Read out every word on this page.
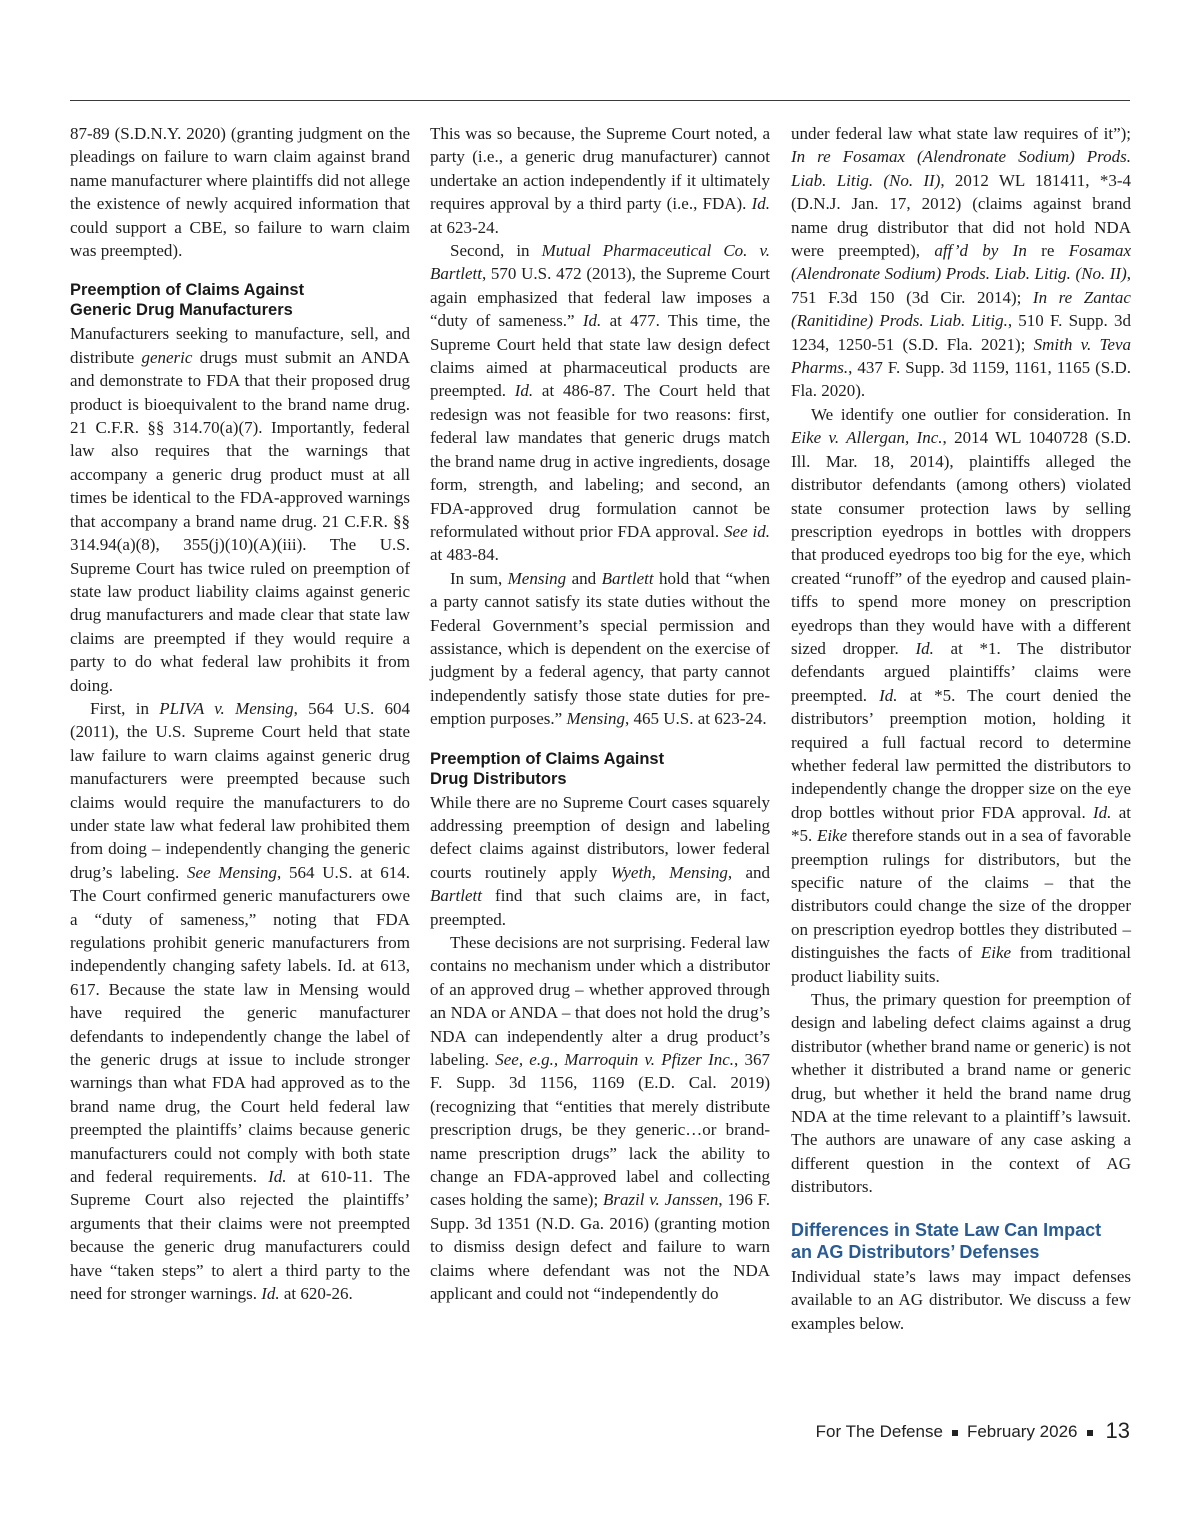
87-89 (S.D.N.Y. 2020) (granting judgment on the pleadings on failure to warn claim against brand name manufacturer where plaintiffs did not allege the existence of newly acquired information that could support a CBE, so failure to warn claim was preempted).

Preemption of Claims Against
Generic Drug Manufacturers

Manufacturers seeking to manufacture, sell, and distribute generic drugs must submit an ANDA and demonstrate to FDA that their proposed drug product is bioequivalent to the brand name drug. 21 C.F.R. §§ 314.70(a)(7). Importantly, federal law also requires that the warnings that accompany a generic drug product must at all times be identical to the FDA-approved warnings that accompany a brand name drug. 21 C.F.R. §§ 314.94(a)(8), 355(j)(10)(A)(iii). The U.S. Supreme Court has twice ruled on preemption of state law product liability claims against generic drug manufacturers and made clear that state law claims are preempted if they would require a party to do what federal law prohibits it from doing.

First, in PLIVA v. Mensing, 564 U.S. 604 (2011), the U.S. Supreme Court held that state law failure to warn claims against generic drug manufacturers were preempted because such claims would require the manufacturers to do under state law what federal law prohibited them from doing – independently changing the generic drug’s labeling. See Mensing, 564 U.S. at 614. The Court confirmed generic manufacturers owe a “duty of sameness,” noting that FDA regulations prohibit generic manufacturers from independently changing safety labels. Id. at 613, 617. Because the state law in Mensing would have required the generic manufacturer defendants to independently change the label of the generic drugs at issue to include stronger warnings than what FDA had approved as to the brand name drug, the Court held federal law preempted the plaintiffs’ claims because generic manufacturers could not comply with both state and federal requirements. Id. at 610-11. The Supreme Court also rejected the plaintiffs’ arguments that their claims were not preempted because the generic drug manufacturers could have “taken steps” to alert a third party to the need for stronger warnings. Id. at 620-26.

This was so because, the Supreme Court noted, a party (i.e., a generic drug manufacturer) cannot undertake an action independently if it ultimately requires approval by a third party (i.e., FDA). Id. at 623-24.

Second, in Mutual Pharmaceutical Co. v. Bartlett, 570 U.S. 472 (2013), the Supreme Court again emphasized that federal law imposes a “duty of sameness.” Id. at 477. This time, the Supreme Court held that state law design defect claims aimed at pharmaceutical products are preempted. Id. at 486-87. The Court held that redesign was not feasible for two reasons: first, federal law mandates that generic drugs match the brand name drug in active ingredients, dosage form, strength, and labeling; and second, an FDA-approved drug formulation cannot be reformulated without prior FDA approval. See id. at 483-84.

In sum, Mensing and Bartlett hold that “when a party cannot satisfy its state duties without the Federal Government’s special permission and assistance, which is dependent on the exercise of judgment by a federal agency, that party cannot independently satisfy those state duties for preemption purposes.” Mensing, 465 U.S. at 623-24.

Preemption of Claims Against
Drug Distributors

While there are no Supreme Court cases squarely addressing preemption of design and labeling defect claims against distributors, lower federal courts routinely apply Wyeth, Mensing, and Bartlett find that such claims are, in fact, preempted.

These decisions are not surprising. Federal law contains no mechanism under which a distributor of an approved drug – whether approved through an NDA or ANDA – that does not hold the drug’s NDA can independently alter a drug product’s labeling. See, e.g., Marroquin v. Pfizer Inc., 367 F. Supp. 3d 1156, 1169 (E.D. Cal. 2019) (recognizing that “entities that merely distribute prescription drugs, be they generic…or brand-name prescription drugs” lack the ability to change an FDA-approved label and collecting cases holding the same); Brazil v. Janssen, 196 F. Supp. 3d 1351 (N.D. Ga. 2016) (granting motion to dismiss design defect and failure to warn claims where defendant was not the NDA applicant and could not “independently do

under federal law what state law requires of it”); In re Fosamax (Alendronate Sodium) Prods. Liab. Litig. (No. II), 2012 WL 181411, *3-4 (D.N.J. Jan. 17, 2012) (claims against brand name drug distributor that did not hold NDA were preempted), aff’d by In re Fosamax (Alendronate Sodium) Prods. Liab. Litig. (No. II), 751 F.3d 150 (3d Cir. 2014); In re Zantac (Ranitidine) Prods. Liab. Litig., 510 F. Supp. 3d 1234, 1250-51 (S.D. Fla. 2021); Smith v. Teva Pharms., 437 F. Supp. 3d 1159, 1161, 1165 (S.D. Fla. 2020).

We identify one outlier for consideration. In Eike v. Allergan, Inc., 2014 WL 1040728 (S.D. Ill. Mar. 18, 2014), plaintiffs alleged the distributor defendants (among others) violated state consumer protection laws by selling prescription eyedrops in bottles with droppers that produced eyedrops too big for the eye, which created “runoff” of the eyedrop and caused plaintiffs to spend more money on prescription eyedrops than they would have with a different sized dropper. Id. at *1. The distributor defendants argued plaintiffs’ claims were preempted. Id. at *5. The court denied the distributors’ preemption motion, holding it required a full factual record to determine whether federal law permitted the distributors to independently change the dropper size on the eye drop bottles without prior FDA approval. Id. at *5. Eike therefore stands out in a sea of favorable preemption rulings for distributors, but the specific nature of the claims – that the distributors could change the size of the dropper on prescription eyedrop bottles they distributed – distinguishes the facts of Eike from traditional product liability suits.

Thus, the primary question for preemption of design and labeling defect claims against a drug distributor (whether brand name or generic) is not whether it distributed a brand name or generic drug, but whether it held the brand name drug NDA at the time relevant to a plaintiff’s lawsuit. The authors are unaware of any case asking a different question in the context of AG distributors.

Differences in State Law Can Impact
an AG Distributors’ Defenses

Individual state’s laws may impact defenses available to an AG distributor. We discuss a few examples below.

For The Defense February 2026 13
